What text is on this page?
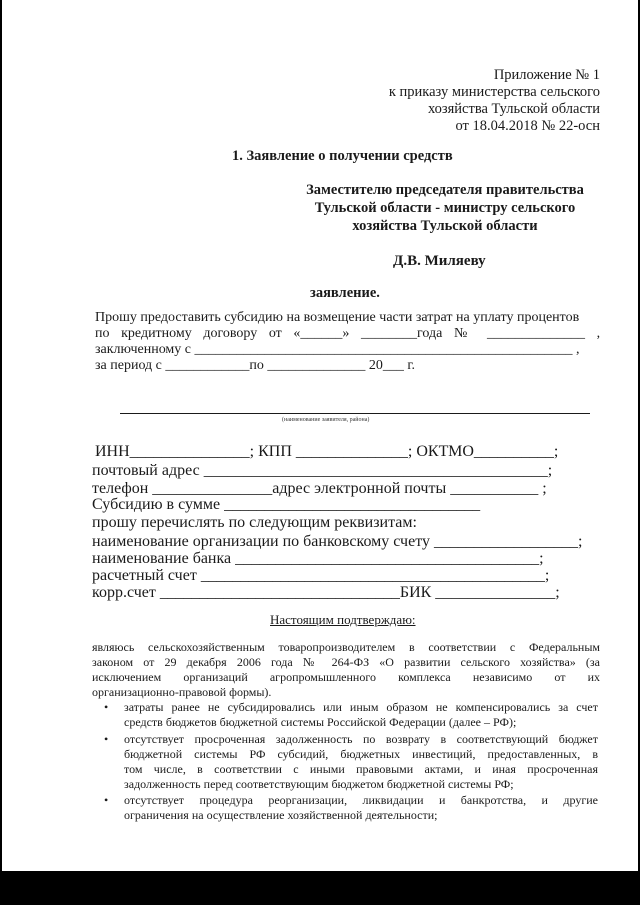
Приложение № 1
к приказу министерства сельского
хозяйства Тульской области
от 18.04.2018 № 22-осн
1. Заявление о получении средств
Заместителю председателя правительства
Тульской области - министру сельского
хозяйства Тульской области
Д.В. Миляеву
заявление.
Прошу предоставить субсидию на возмещение части затрат на уплату процентов
по кредитному договору от «______» ________года № ______________ ,
заключенному с ______________________________________________________ ,
за период с ____________по ______________ 20___ г.
(наименование заявителя, района)
ИНН_______________; КПП ______________; ОКТМО__________;
почтовый адрес ___________________________________________;
телефон _______________адрес электронной почты ___________ ;
Субсидию в сумме ________________________________
прошу перечислять по следующим реквизитам:
наименование организации по банковскому счету __________________;
наименование банка ______________________________________;
расчетный счет ___________________________________________;
корр.счет ______________________________БИК _______________;
Настоящим подтверждаю:
являюсь сельскохозяйственным товаропроизводителем в соответствии с Федеральным
законом от 29 декабря 2006 года № 264-ФЗ «О развитии сельского хозяйства» (за
исключением организаций агропромышленного комплекса независимо от их
организационно-правовой формы).
• затраты ранее не субсидировались или иным образом не компенсировались за счет
средств бюджетов бюджетной системы Российской Федерации (далее – РФ);
• отсутствует просроченная задолженность по возврату в соответствующий бюджет
бюджетной системы РФ субсидий, бюджетных инвестиций, предоставленных, в
том числе, в соответствии с иными правовыми актами, и иная просроченная
задолженность перед соответствующим бюджетом бюджетной системы РФ;
• отсутствует процедура реорганизации, ликвидации и банкротства, и другие
ограничения на осуществление хозяйственной деятельности;
